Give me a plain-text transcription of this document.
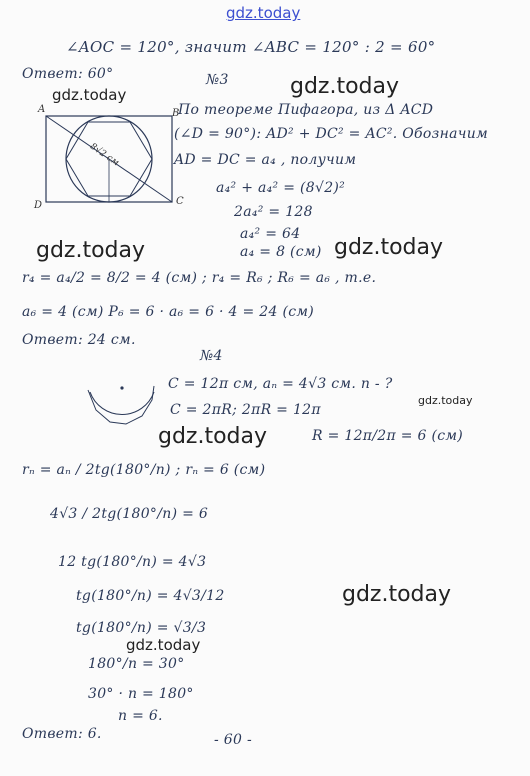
gdz.today
gdz.today
gdz.today
gdz.today	gdz.today
gdz.today
gdz.today
gdz.today
gdz.today
∠AOC = 120°, значит ∠ABC = 120° : 2 = 60°
Ответ: 60°	№3
A	B
C
D
8√2 см
По теореме Пифагора, из Δ ACD
(∠D = 90°): AD² + DC² = AC². Обозначим
AD = DC = a₄ , получим
a₄² + a₄² = (8√2)²
2a₄² = 128
a₄² = 64
a₄ = 8 (см)
r₄ = a₄/2 = 8/2 = 4 (см) ; r₄ = R₆ ; R₆ = a₆ , т.е.
a₆ = 4 (см) P₆ = 6 · a₆ = 6 · 4 = 24 (см)
Ответ: 24 см.
№4
C = 12π см, aₙ = 4√3 см. n - ?
C = 2πR; 2πR = 12π
R = 12π/2π = 6 (см)
rₙ = aₙ / 2tg(180°/n) ; rₙ = 6 (см)
4√3 / 2tg(180°/n) = 6
12 tg(180°/n) = 4√3
tg(180°/n) = 4√3/12
tg(180°/n) = √3/3
180°/n = 30°
30° · n = 180°
n = 6.
Ответ: 6.	- 60 -
